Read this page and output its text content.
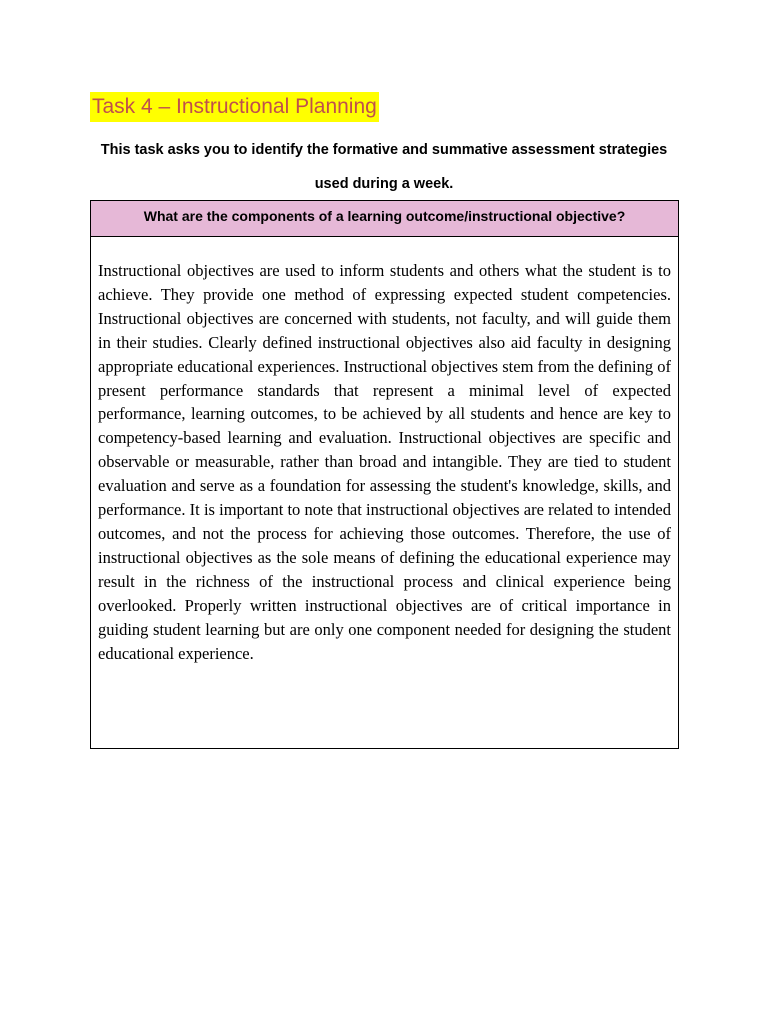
Task 4 – Instructional Planning

This task asks you to identify the formative and summative assessment strategies used during a week.

What are the components of a learning outcome/instructional objective?

Instructional objectives are used to inform students and others what the student is to achieve. They provide one method of expressing expected student competencies. Instructional objectives are concerned with students, not faculty, and will guide them in their studies. Clearly defined instructional objectives also aid faculty in designing appropriate educational experiences. Instructional objectives stem from the defining of present performance standards that represent a minimal level of expected performance, learning outcomes, to be achieved by all students and hence are key to competency-based learning and evaluation. Instructional objectives are specific and observable or measurable, rather than broad and intangible. They are tied to student evaluation and serve as a foundation for assessing the student's knowledge, skills, and performance. It is important to note that instructional objectives are related to intended outcomes, and not the process for achieving those outcomes. Therefore, the use of instructional objectives as the sole means of defining the educational experience may result in the richness of the instructional process and clinical experience being overlooked. Properly written instructional objectives are of critical importance in guiding student learning but are only one component needed for designing the student educational experience.
